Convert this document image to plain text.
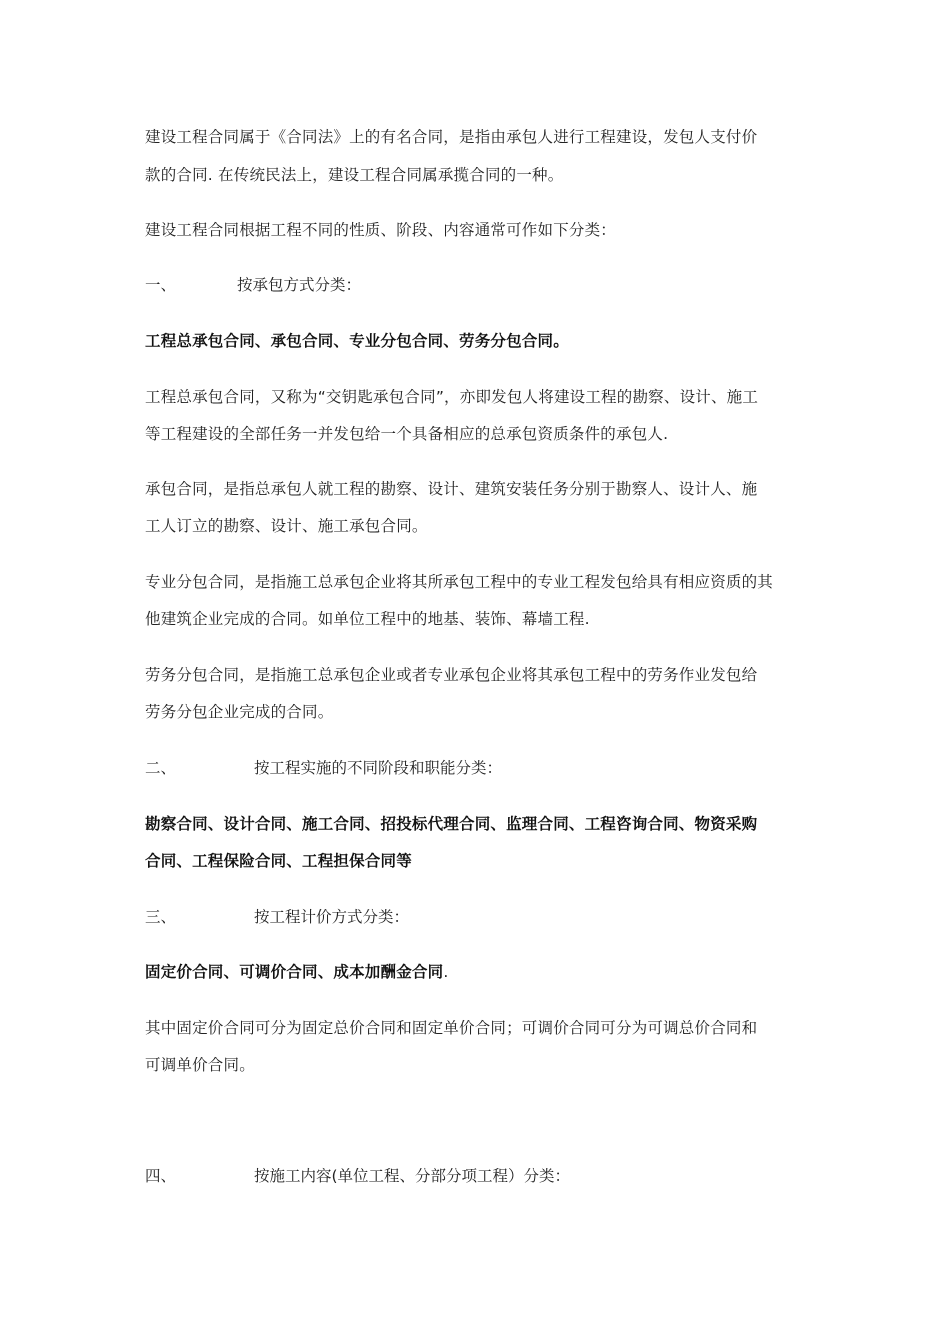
建设工程合同属于《合同法》上的有名合同，是指由承包人进行工程建设，发包人支付价
款的合同. 在传统民法上，建设工程合同属承揽合同的一种。
建设工程合同根据工程不同的性质、阶段、内容通常可作如下分类：
一、	按承包方式分类：
工程总承包合同、承包合同、专业分包合同、劳务分包合同。
工程总承包合同，又称为“交钥匙承包合同”，亦即发包人将建设工程的勘察、设计、施工
等工程建设的全部任务一并发包给一个具备相应的总承包资质条件的承包人.
承包合同，是指总承包人就工程的勘察、设计、建筑安装任务分别于勘察人、设计人、施
工人订立的勘察、设计、施工承包合同。
专业分包合同，是指施工总承包企业将其所承包工程中的专业工程发包给具有相应资质的其
他建筑企业完成的合同。如单位工程中的地基、装饰、幕墙工程.
劳务分包合同，是指施工总承包企业或者专业承包企业将其承包工程中的劳务作业发包给
劳务分包企业完成的合同。
二、	按工程实施的不同阶段和职能分类：
勘察合同、设计合同、施工合同、招投标代理合同、监理合同、工程咨询合同、物资采购
合同、工程保险合同、工程担保合同等
三、	按工程计价方式分类：
固定价合同、可调价合同、成本加酬金合同.
其中固定价合同可分为固定总价合同和固定单价合同；可调价合同可分为可调总价合同和
可调单价合同。
四、	按施工内容(单位工程、分部分项工程）分类：
